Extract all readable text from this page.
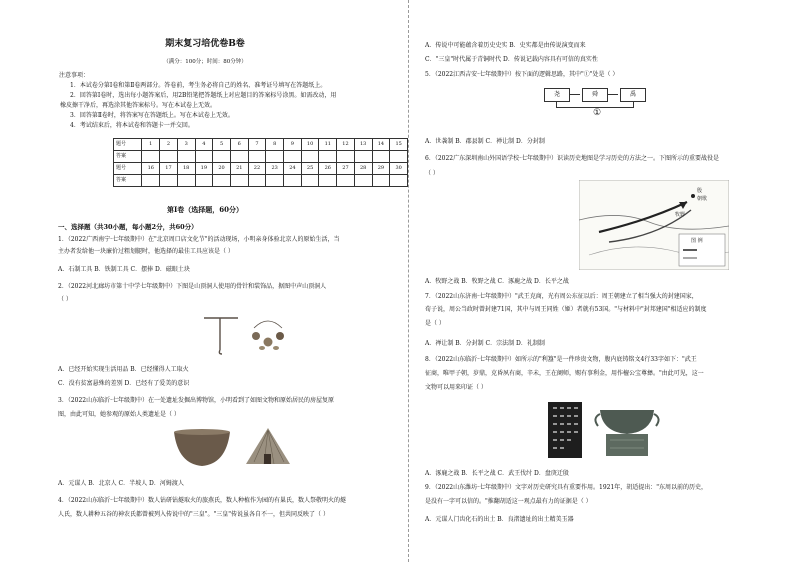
期末复习培优卷B卷
（满分：100分；时间：80分钟）
注意事项：
1．本试卷分第Ⅰ卷和第Ⅱ卷两部分。答卷前，考生务必将自己的姓名、准考证号填写在答题纸上。
2．回答第Ⅰ卷时，选出每小题答案后，用2B铅笔把答题纸上对应题目的答案标号涂黑。如需改动，用
橡皮擦干净后，再选涂其他答案标号。写在本试卷上无效。
3．回答第Ⅱ卷时，将答案写在答题纸上。写在本试卷上无效。
4．考试结束后，将本试卷和答题卡一并交回。
题号	1	2	3	4	5	6	7	8	9	10	11	12	13	14	15
答案															
题号	16	17	18	19	20	21	22	23	24	25	26	27	28	29	30
答案															
第Ⅰ卷（选择题，60分）
一、选择题（共30小题，每小题2分，共60分）
1．（2022广西南宁·七年级期中）在"北京周口店文化节"的活动现场，小明亲身体验北京人的原始生活，当
主办者发给他一块廉价过粗划腿时，他选择的最佳工具应该是（ ）
A．石制工具 B．铁制工具 C．摆捧 D．磁眼土块
2．（2022河北廊坊市第十中学七年级期中）下图是山顶洞人使用的骨针和装饰品，据图中声山顶洞人
（ ）
A．已经开始实现生活用品 B．已经懂得人工取火
C．没有贫富悬殊的差别 D．已经有了爱美的意识
3．（2022山东临沂·七年级期中）在一处遗址发掘出博物馆，小明看到了如图文物和原始居民的房屋复原
图，由此可知，她参观的原始人类遗址是（ ）
A．元谋人 B．北京人 C．半坡人 D．河姆渡人
4．（2022山东临沂·七年级期中）数人钻研钻燧取火的旅燕氏，数人种植作为园的有巢氏，数人祭敬明火的燧
人氏，数人耕种五谷的神农氏都曾被列入传说中的"三皇"。"三皇"传说虽各自不一，但共同反映了（ ）
A．传说中可能蕴含着历史史实 B．史实都是由传说演变而来
C．"三皇"时代属于青铜时代 D．传说记载内容具有可信的真实性
5．（2022江西吉安·七年级期中）按下面的逻辑思路，其中"①"处是（ ）
尧	舜	禹
①
A．世袭制 B．郡县制 C．禅让制 D．分封制
6．（2022广东深圳南山外国语学校·七年级期中）识读历史地图是学习历史的方法之一。下图所示的重要战役是
（ ）
殷
朝歌
牧野
图 例
A．牧野之战 B．牧野之战 C．涿鹿之战 D．长平之战
7．（2022山东济南·七年级期中）"武王克商，光有周公东征以后：周王朝建立了相当强大的封建国家，
荀子说，周公当政时曾封建71国，其中与周王同姓（姬）者就有53国。"与材料中"封邦建国"相适应的制度
是（ ）
A．禅让制 B．分封制 C．宗法制 D．礼制制
8．（2022山东临沂·七年级期中）如所示的"利簋"是一件珍贵文物，腹内底铸铭文4行33字如下："武王
征商，唯甲子朝，岁鼎，克昏夙有商，辛未，王在阑师，赐有事利金，用作檀公宝尊彝。"由此可见，这一
文物可以用来印证（ ）
A．涿鹿之战 B．长平之战 C．武王伐纣 D．盘庚迁殷
9．（2022山东潍坊·七年级期中）文字对历史研究具有重要作用。1921年，胡适提出："东周以前的历史，
是没有一字可以信的。"推翻胡适这一观点最有力的证据是（ ）
A．元谋人门齿化石的出土 B．良渚遗址的出土精美玉器
